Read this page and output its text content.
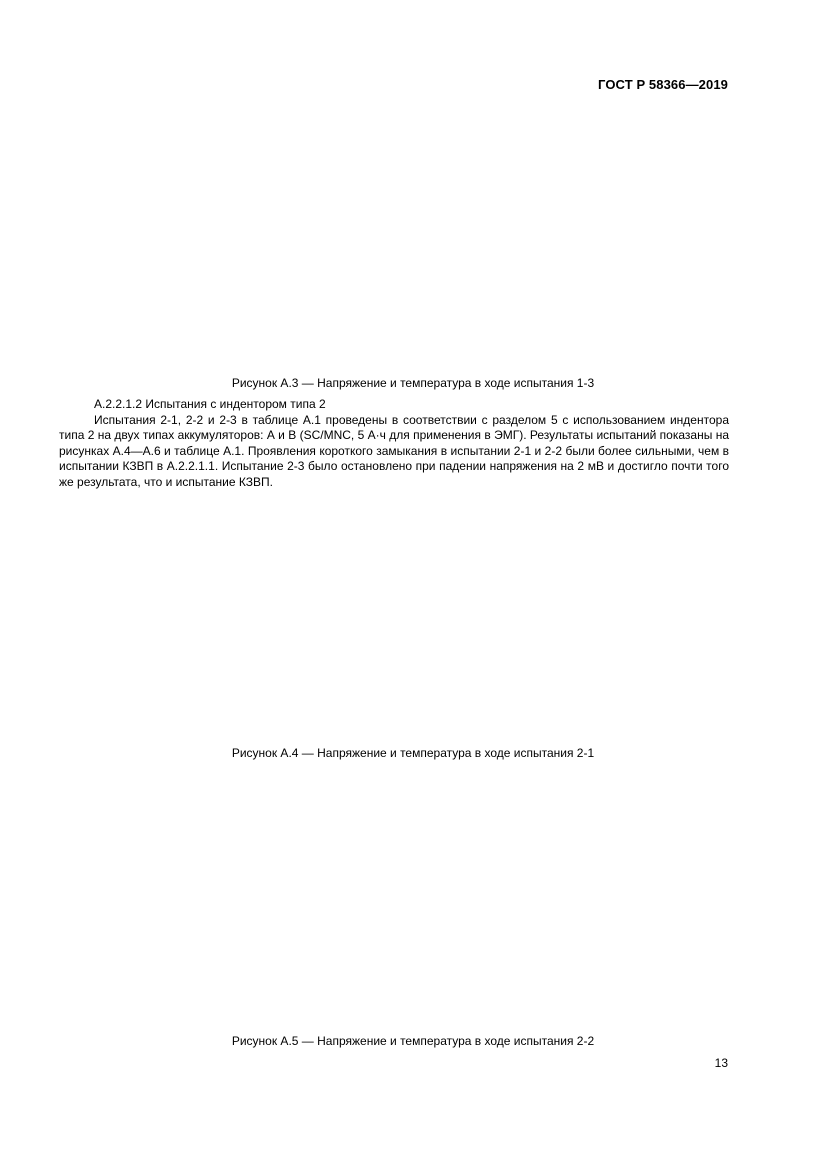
ГОСТ Р 58366—2019
Рисунок А.3 — Напряжение и температура в ходе испытания 1-3

А.2.2.1.2 Испытания с индентором типа 2

Испытания 2-1, 2-2 и 2-3 в таблице А.1 проведены в соответствии с разделом 5 с использованием индентора типа 2 на двух типах аккумуляторов: А и В (SC/MNC, 5 А·ч для применения в ЭМГ). Результаты испытаний показаны на рисунках А.4—А.6 и таблице А.1. Проявления короткого замыкания в испытании 2-1 и 2-2 были более сильными, чем в испытании КЗВП в А.2.2.1.1. Испытание 2-3 было остановлено при падении напряжения на 2 мВ и достигло почти того же результата, что и испытание КЗВП.

Рисунок А.4 — Напряжение и температура в ходе испытания 2-1
Рисунок А.5 — Напряжение и температура в ходе испытания 2-2
13
